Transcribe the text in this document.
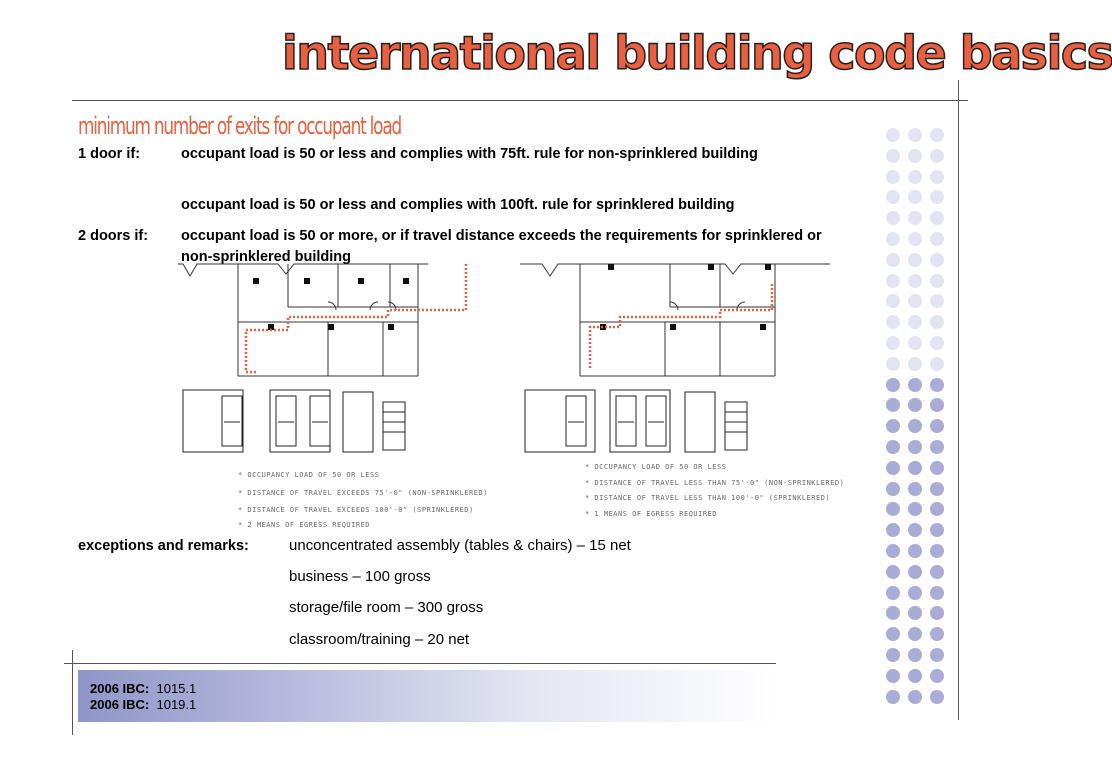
international building code basics
minimum number of exits for occupant load
1 door if:	occupant load is 50 or less and complies with 75ft. rule for non-sprinklered building
occupant load is 50 or less and complies with 100ft. rule for sprinklered building
2 doors if: occupant load is 50 or more, or if travel distance exceeds the requirements for sprinklered or non-sprinklered building
* OCCUPANCY LOAD OF 50 OR LESS
* DISTANCE OF TRAVEL EXCEEDS 75'-0" (NON-SPRINKLERED)
* DISTANCE OF TRAVEL EXCEEDS 100'-0" (SPRINKLERED)
* 2 MEANS OF EGRESS REQUIRED
* OCCUPANCY LOAD OF 50 OR LESS
* DISTANCE OF TRAVEL LESS THAN 75'-0" (NON-SPRINKLERED)
* DISTANCE OF TRAVEL LESS THAN 100'-0" (SPRINKLERED)
* 1 MEANS OF EGRESS REQUIRED
exceptions and remarks:	unconcentrated assembly (tables & chairs) – 15 net
business – 100 gross
storage/file room – 300 gross
classroom/training – 20 net
2006 IBC: 1015.1
2006 IBC: 1019.1
